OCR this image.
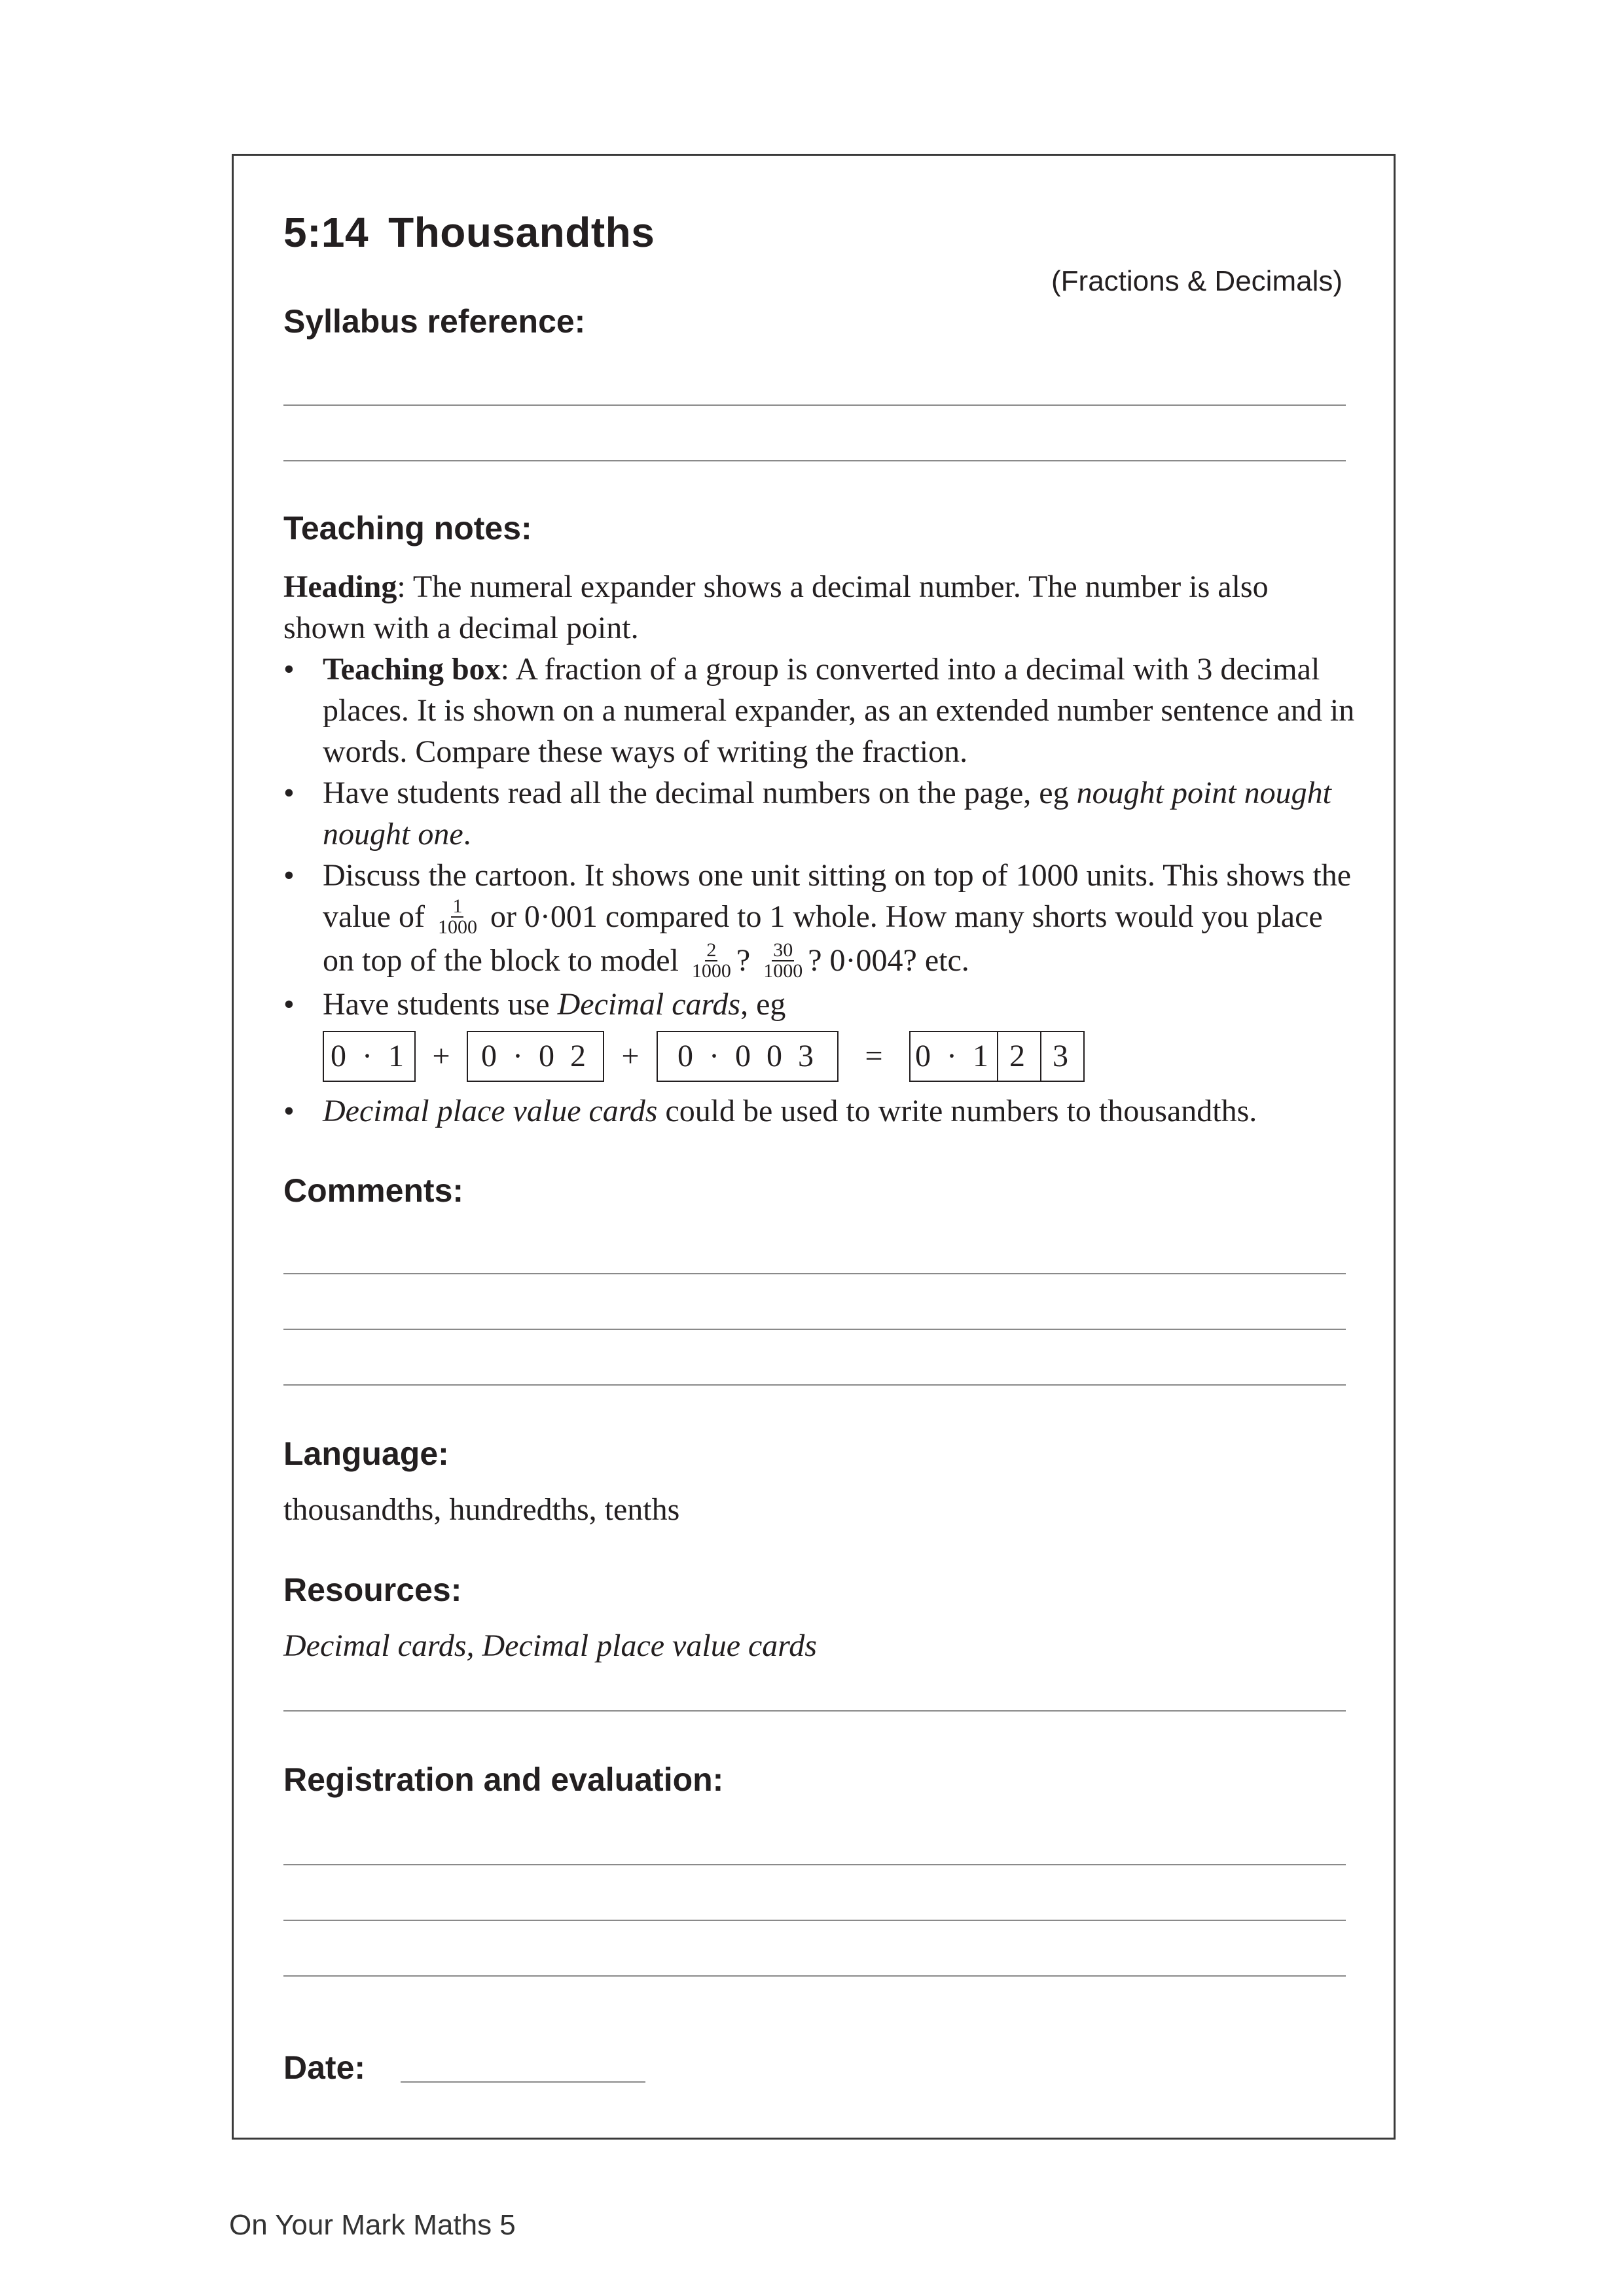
5:14 Thousandths
(Fractions & Decimals)
Syllabus reference:
Teaching notes:

Heading: The numeral expander shows a decimal number. The number is also shown with a decimal point.

• Teaching box: A fraction of a group is converted into a decimal with 3 decimal places. It is shown on a numeral expander, as an extended number sentence and in words. Compare these ways of writing the fraction.
• Have students read all the decimal numbers on the page, eg nought point nought nought one.
• Discuss the cartoon. It shows one unit sitting on top of 1000 units. This shows the value of $\frac{1}{1000}$ or 0·001 compared to 1 whole. How many shorts would you place on top of the block to model $\frac{2}{1000}$ ? $\frac{30}{1000}$ ? 0·004? etc.
• Have students use Decimal cards, eg
0 · 1 + 0 · 0 2	+	0 · 0 0 3	=	0 · 1 2 3
• Decimal place value cards could be used to write numbers to thousandths.
Comments:
Language:
thousandths, hundredths, tenths
Resources:
Decimal cards, Decimal place value cards
Registration and evaluation:
Date:
On Your Mark Maths 5
